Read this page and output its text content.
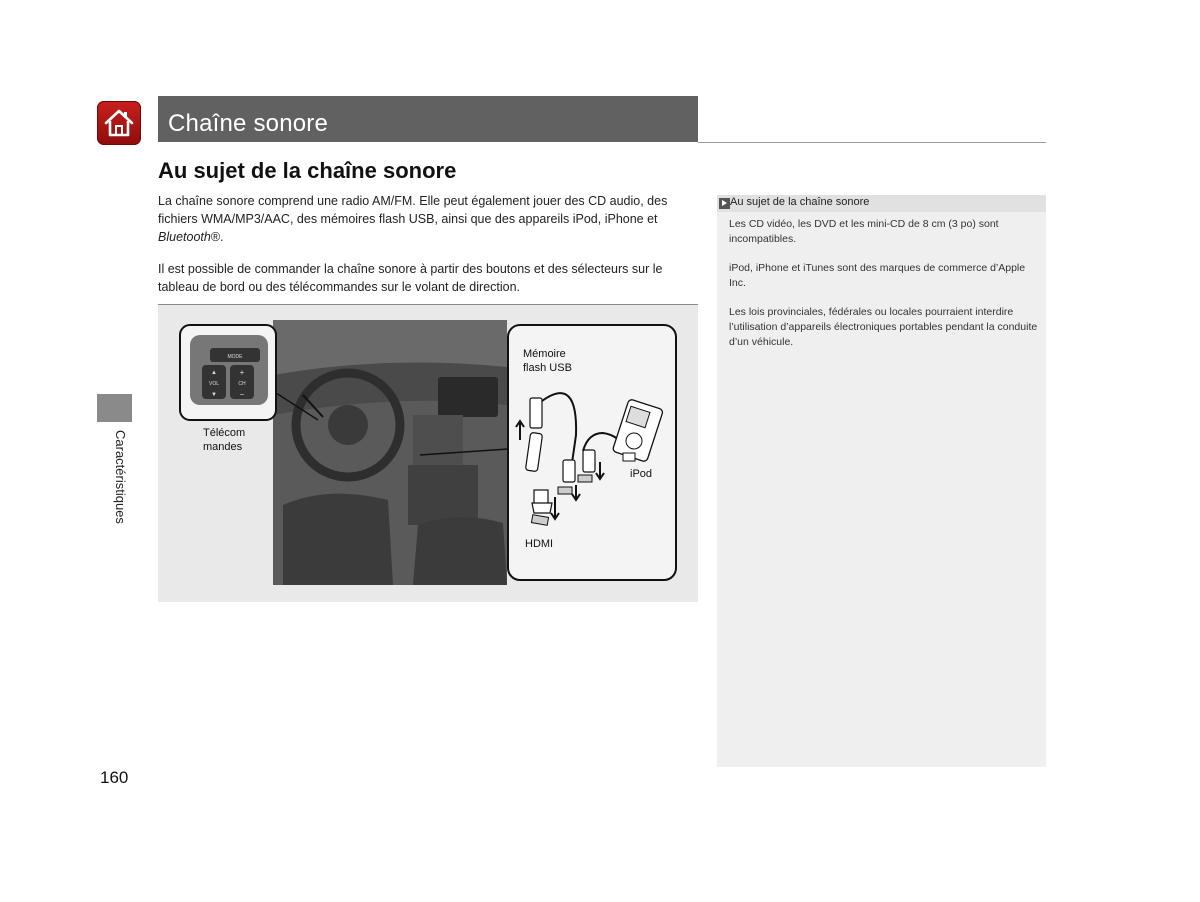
Chaîne sonore
Au sujet de la chaîne sonore

La chaîne sonore comprend une radio AM/FM. Elle peut également jouer des CD audio, des fichiers WMA/MP3/AAC, des mémoires flash USB, ainsi que des appareils iPod, iPhone et Bluetooth®.

Il est possible de commander la chaîne sonore à partir des boutons et des sélecteurs sur le tableau de bord ou des télécommandes sur le volant de direction.

MODE
▲
VOL
▼
+
CH
−
Télécom
mandes
Mémoire
flash USB
iPod
HDMI
Caractéristiques
160
Au sujet de la chaîne sonore

Les CD vidéo, les DVD et les mini-CD de 8 cm (3 po) sont incompatibles.

iPod, iPhone et iTunes sont des marques de commerce d’Apple Inc.

Les lois provinciales, fédérales ou locales pourraient interdire l’utilisation d’appareils électroniques portables pendant la conduite d’un véhicule.
